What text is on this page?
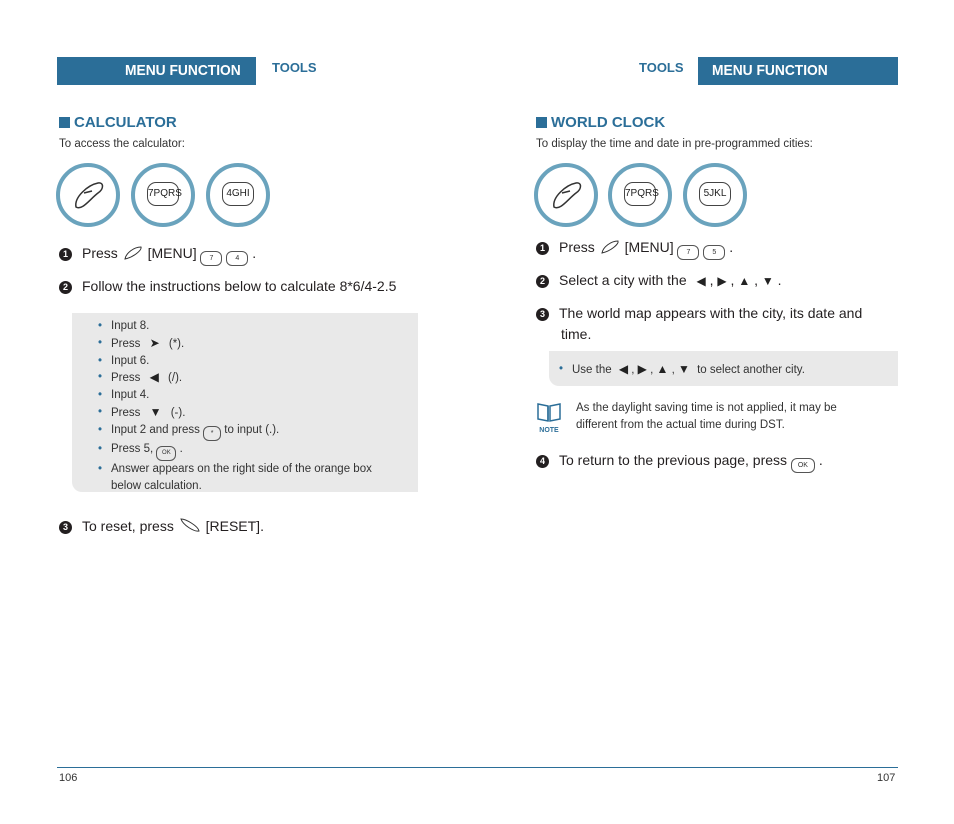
MENU FUNCTION	TOOLS
CALCULATOR
To access the calculator:
7PQRS	4GHI
1 Press [MENU] 7	4 .
2 Follow the instructions below to calculate 8*6/4-2.5
• Input 8.
• Press ➤ (*).
• Input 6.
• Press ◀ (/).
• Input 4.
• Press ▼ (-).
• Input 2 and press * to input (.).
• Press 5, OK .
• Answer appears on the right side of the orange box
below calculation.
3 To reset, press [RESET].
TOOLS MENU FUNCTION
WORLD CLOCK
To display the time and date in pre-programmed cities:
7PQRS	5JKL
1 Press [MENU] 7	5 .
2 Select a city with the ◀ , ▶ , ▲ , ▼ .
3 The world map appears with the city, its date and
time.
• Use the ◀ , ▶ , ▲ , ▼ to select another city.
NOTE
As the daylight saving time is not applied, it may be
different from the actual time during DST.
4 To return to the previous page, press OK .
106	107
